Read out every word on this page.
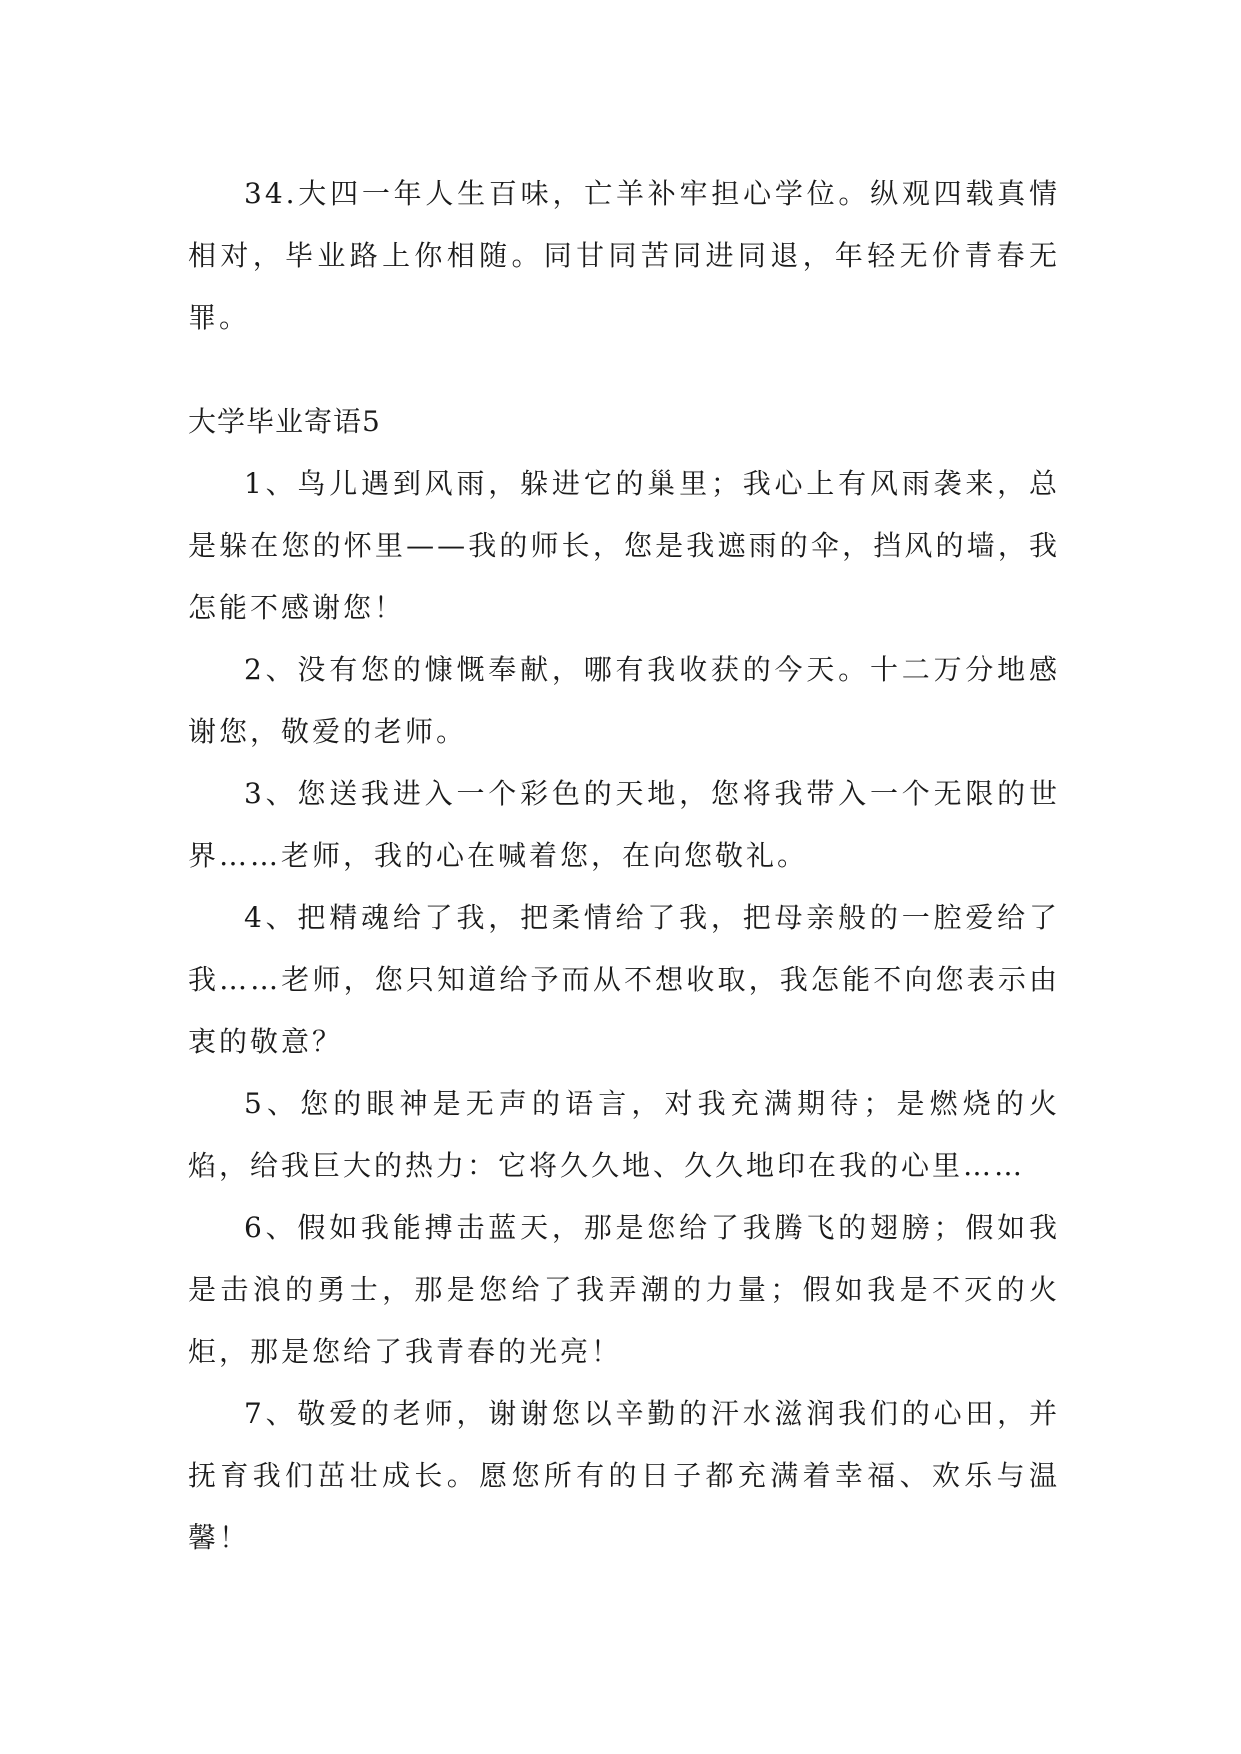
34.大四一年人生百味，亡羊补牢担心学位。纵观四载真情相对，毕业路上你相随。同甘同苦同进同退，年轻无价青春无罪。

大学毕业寄语5

1、鸟儿遇到风雨，躲进它的巢里；我心上有风雨袭来，总是躲在您的怀里——我的师长，您是我遮雨的伞，挡风的墙，我怎能不感谢您！

2、没有您的慷慨奉献，哪有我收获的今天。十二万分地感谢您，敬爱的老师。

3、您送我进入一个彩色的天地，您将我带入一个无限的世界……老师，我的心在喊着您，在向您敬礼。

4、把精魂给了我，把柔情给了我，把母亲般的一腔爱给了我……老师，您只知道给予而从不想收取，我怎能不向您表示由衷的敬意？

5、您的眼神是无声的语言，对我充满期待；是燃烧的火焰，给我巨大的热力：它将久久地、久久地印在我的心里……

6、假如我能搏击蓝天，那是您给了我腾飞的翅膀；假如我是击浪的勇士，那是您给了我弄潮的力量；假如我是不灭的火炬，那是您给了我青春的光亮！

7、敬爱的老师，谢谢您以辛勤的汗水滋润我们的心田，并抚育我们茁壮成长。愿您所有的日子都充满着幸福、欢乐与温馨！
